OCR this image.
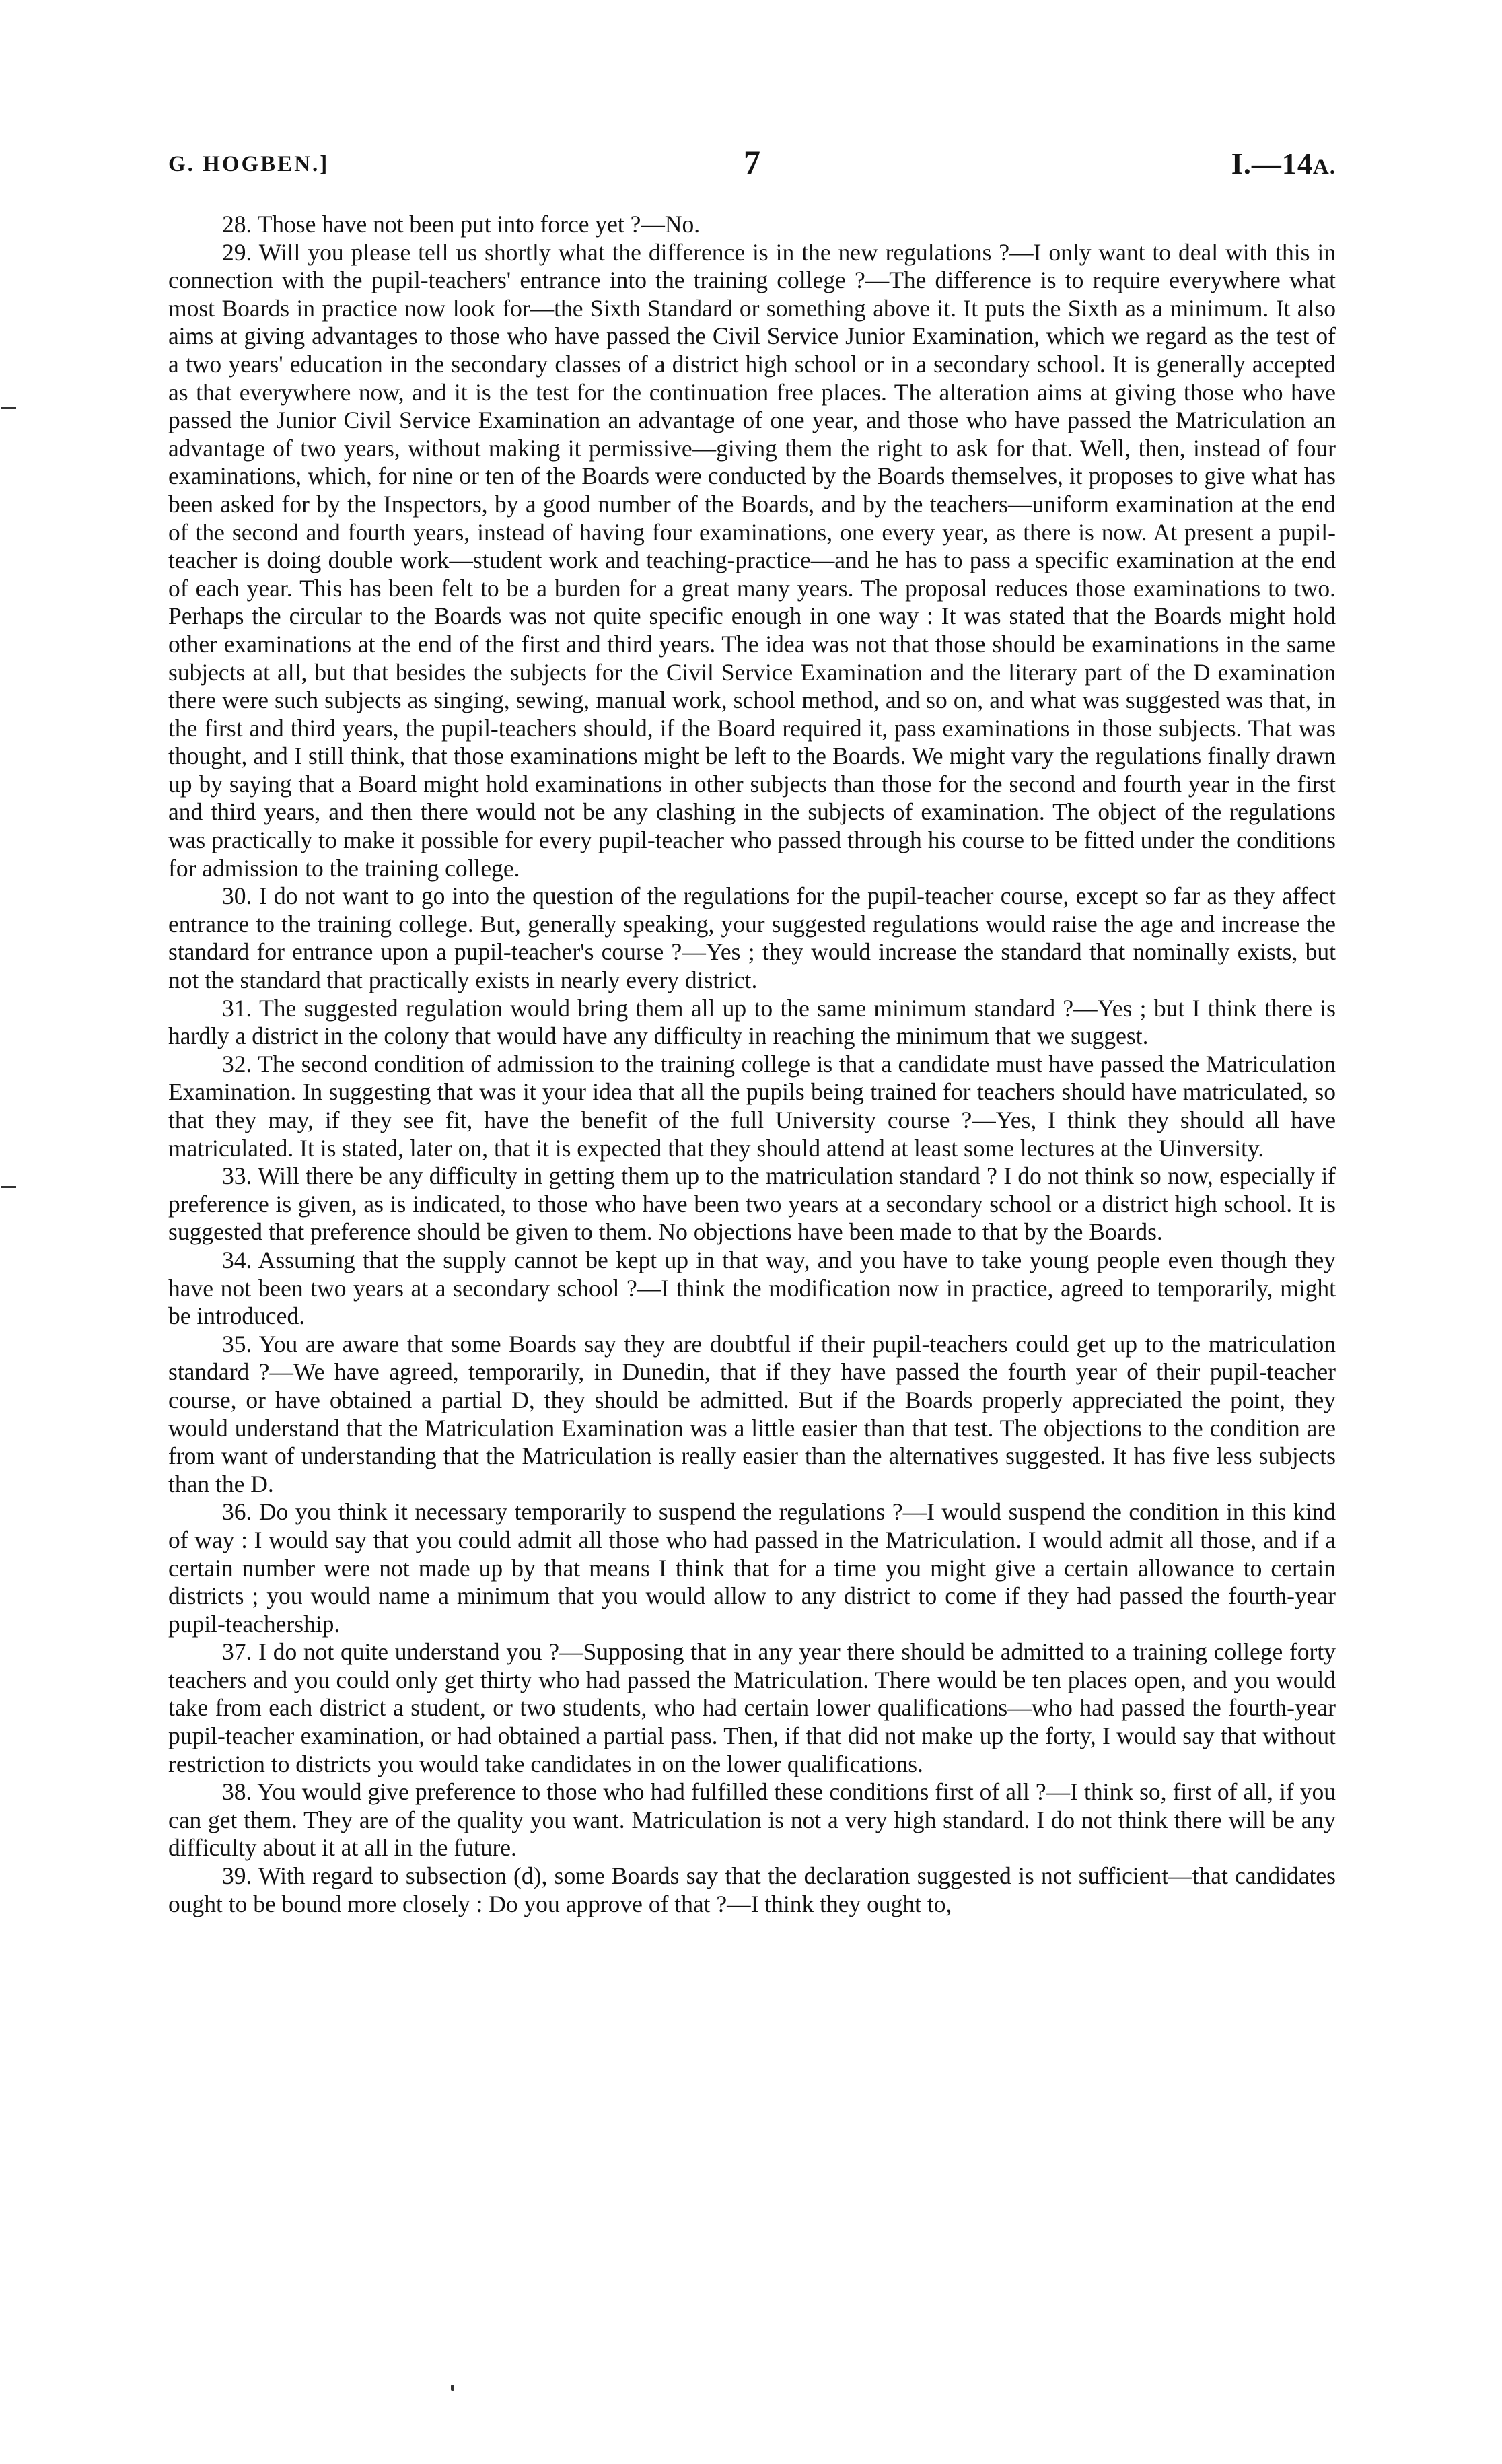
G. HOGBEN.]	7	I.—14A.

28. Those have not been put into force yet ?—No.

29. Will you please tell us shortly what the difference is in the new regulations ?—I only want to deal with this in connection with the pupil-teachers' entrance into the training college ?—The difference is to require everywhere what most Boards in practice now look for—the Sixth Standard or something above it. It puts the Sixth as a minimum. It also aims at giving advantages to those who have passed the Civil Service Junior Examination, which we regard as the test of a two years' education in the secondary classes of a district high school or in a secondary school. It is generally accepted as that everywhere now, and it is the test for the continuation free places. The alteration aims at giving those who have passed the Junior Civil Service Examination an advantage of one year, and those who have passed the Matriculation an advantage of two years, without making it permissive—giving them the right to ask for that. Well, then, instead of four examinations, which, for nine or ten of the Boards were conducted by the Boards themselves, it proposes to give what has been asked for by the Inspectors, by a good number of the Boards, and by the teachers—uniform examination at the end of the second and fourth years, instead of having four examinations, one every year, as there is now. At present a pupil-teacher is doing double work—student work and teaching-practice—and he has to pass a specific examination at the end of each year. This has been felt to be a burden for a great many years. The proposal reduces those examinations to two. Perhaps the circular to the Boards was not quite specific enough in one way : It was stated that the Boards might hold other examinations at the end of the first and third years. The idea was not that those should be examinations in the same subjects at all, but that besides the subjects for the Civil Service Examination and the literary part of the D examination there were such subjects as singing, sewing, manual work, school method, and so on, and what was suggested was that, in the first and third years, the pupil-teachers should, if the Board required it, pass examinations in those subjects. That was thought, and I still think, that those examinations might be left to the Boards. We might vary the regulations finally drawn up by saying that a Board might hold examinations in other subjects than those for the second and fourth year in the first and third years, and then there would not be any clashing in the subjects of examination. The object of the regulations was practically to make it possible for every pupil-teacher who passed through his course to be fitted under the conditions for admission to the training college.

30. I do not want to go into the question of the regulations for the pupil-teacher course, except so far as they affect entrance to the training college. But, generally speaking, your suggested regulations would raise the age and increase the standard for entrance upon a pupil-teacher's course ?—Yes ; they would increase the standard that nominally exists, but not the standard that practically exists in nearly every district.

31. The suggested regulation would bring them all up to the same minimum standard ?—Yes ; but I think there is hardly a district in the colony that would have any difficulty in reaching the minimum that we suggest.

32. The second condition of admission to the training college is that a candidate must have passed the Matriculation Examination. In suggesting that was it your idea that all the pupils being trained for teachers should have matriculated, so that they may, if they see fit, have the benefit of the full University course ?—Yes, I think they should all have matriculated. It is stated, later on, that it is expected that they should attend at least some lectures at the Uinversity.

33. Will there be any difficulty in getting them up to the matriculation standard ? I do not think so now, especially if preference is given, as is indicated, to those who have been two years at a secondary school or a district high school. It is suggested that preference should be given to them. No objections have been made to that by the Boards.

34. Assuming that the supply cannot be kept up in that way, and you have to take young people even though they have not been two years at a secondary school ?—I think the modification now in practice, agreed to temporarily, might be introduced.

35. You are aware that some Boards say they are doubtful if their pupil-teachers could get up to the matriculation standard ?—We have agreed, temporarily, in Dunedin, that if they have passed the fourth year of their pupil-teacher course, or have obtained a partial D, they should be admitted. But if the Boards properly appreciated the point, they would understand that the Matriculation Examination was a little easier than that test. The objections to the condition are from want of understanding that the Matriculation is really easier than the alternatives suggested. It has five less subjects than the D.

36. Do you think it necessary temporarily to suspend the regulations ?—I would suspend the condition in this kind of way : I would say that you could admit all those who had passed in the Matriculation. I would admit all those, and if a certain number were not made up by that means I think that for a time you might give a certain allowance to certain districts ; you would name a minimum that you would allow to any district to come if they had passed the fourth-year pupil-teachership.

37. I do not quite understand you ?—Supposing that in any year there should be admitted to a training college forty teachers and you could only get thirty who had passed the Matriculation. There would be ten places open, and you would take from each district a student, or two students, who had certain lower qualifications—who had passed the fourth-year pupil-teacher examination, or had obtained a partial pass. Then, if that did not make up the forty, I would say that without restriction to districts you would take candidates in on the lower qualifications.

38. You would give preference to those who had fulfilled these conditions first of all ?—I think so, first of all, if you can get them. They are of the quality you want. Matriculation is not a very high standard. I do not think there will be any difficulty about it at all in the future.

39. With regard to subsection (d), some Boards say that the declaration suggested is not sufficient—that candidates ought to be bound more closely : Do you approve of that ?—I think they ought to,
